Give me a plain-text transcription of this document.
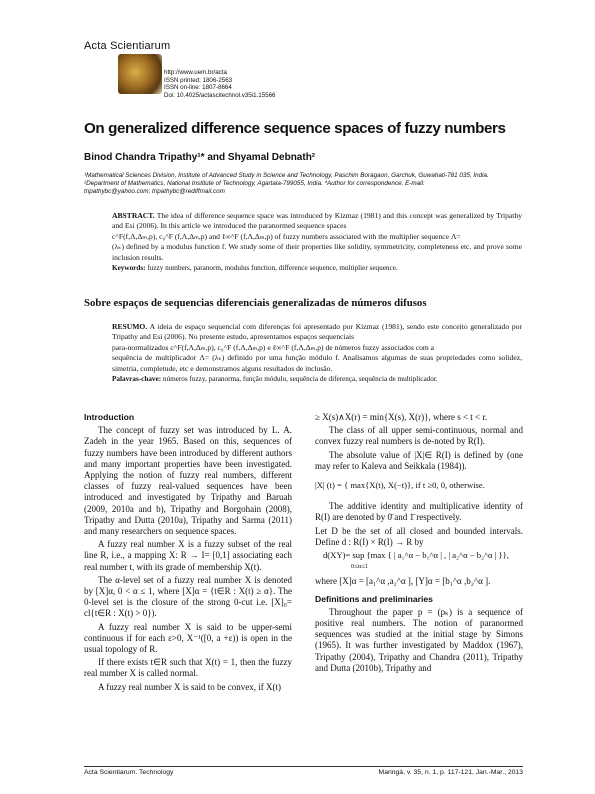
Acta Scientiarum
http://www.uem.br/acta
ISSN printed: 1806-2563
ISSN on-line: 1807-8664
Doi: 10.4025/actascitechnol.v35i1.15566
On generalized difference sequence spaces of fuzzy numbers
Binod Chandra Tripathy¹* and Shyamal Debnath²
¹Mathematical Sciences Division, Institute of Advanced Study in Science and Technology, Paschim Boragaon, Garchuk, Guwahati-781 035, India.
²Department of Mathematics, National Institute of Technology, Agartala-799055, India. *Author for correspondence. E-mail:
tripathybc@yahoo.com; tripathybc@rediffmail.com
ABSTRACT. The idea of difference sequence space was introduced by Kizmaz (1981) and this concept was generalized by Tripathy and Esi (2006). In this article we introduced the paranormed sequence spaces
c^F(f,Λ,Δₘ,p), c₀^F (f,Λ,Δₘ,p) and ℓ∞^F (f,Λ,Δₘ,p) of fuzzy numbers associated with the multiplier sequence Λ=
(λₖ) defined by a modulus function f. We study some of their properties like solidity, symmetricity, completeness etc. and prove some inclusion results.
Keywords: fuzzy numbers, paranorm, modulus function, difference sequence, multiplier sequence.
Sobre espaços de sequencias diferenciais generalizadas de números difusos
RESUMO. A ideia de espaço sequencial com diferenças foi apresentado por Kizmaz (1981), sendo este conceito generalizado por Tripathy and Esi (2006). No presente estudo, apresentamos espaços sequenciais
para-normalizados c^F(f,Λ,Δₘ,p), c₀^F (f,Λ,Δₘ,p) e ℓ∞^F (f,Λ,Δₘ,p) de números fuzzy associados com a
sequência de multiplicador Λ= (λₖ) definido por uma função módulo f. Analisamos algumas de suas propriedades como solidez, simetria, completude, etc e demonstramos alguns resultados de inclusão.
Palavras-chave: números fuzzy, paranorma, função módulo, sequência de diferença, sequência de multiplicador.

Introduction

The concept of fuzzy set was introduced by L. A. Zadeh in the year 1965. Based on this, sequences of fuzzy numbers have been introduced by different authors and many important properties have been investigated. Applying the notion of fuzzy real numbers, different classes of fuzzy real-valued sequences have been introduced and investigated by Tripathy and Baruah (2009, 2010a and b), Tripathy and Borgohain (2008), Tripathy and Dutta (2010a), Tripathy and Sarma (2011) and many researchers on sequence spaces.

A fuzzy real number X is a fuzzy subset of the real line R, i.e., a mapping X: R → I= [0,1] associating each real number t, with its grade of membership X(t).

The α-level set of a fuzzy real number X is denoted by [X]α, 0 < α ≤ 1, where [X]α = {t∈R : X(t) ≥ α}. The 0-level set is the closure of the strong 0-cut i.e. [X]₀= cl{t∈R : X(t) > 0}).

A fuzzy real number X is said to be upper-semi continuous if for each ε>0, X⁻¹([0, a +ε)) is open in the usual topology of R.

If there exists t∈R such that X(t) = 1, then the fuzzy real number X is called normal.

A fuzzy real number X is said to be convex, if X(t)

≥ X(s)∧X(r) = min{X(s), X(r)}, where s < t < r.

The class of all upper semi-continuous, normal and convex fuzzy real numbers is de-noted by R(I).

The absolute value of |X|∈ R(I) is defined by (one may refer to Kaleva and Seikkala (1984)).

|X| (t) = { max{X(t), X(−t)}, if t ≥0, 0, otherwise.

The additive identity and multiplicative identity of R(I) are denoted by 0̄ and 1̄ respectively.

Let D be the set of all closed and bounded intervals. Define d : R(I) × R(I) → R by

d(XY)= sup {max { | a₁^α − b₁^α | , | a₂^α − b₂^α | }},
0≤α≤1

where [X]α = [a₁^α ,a₂^α ], [Y]α = [b₁^α ,b₂^α ].

Definitions and preliminaries

Throughout the paper p = (pₖ) is a sequence of positive real numbers. The notion of paranormed sequences was studied at the initial stage by Simons (1965). It was further investigated by Maddox (1967), Tripathy (2004), Tripathy and Chandra (2011), Tripathy and Dutta (2010b), Tripathy and

Acta Scientiarum. Technology	Maringá, v. 35, n. 1, p. 117-121, Jan.-Mar., 2013
